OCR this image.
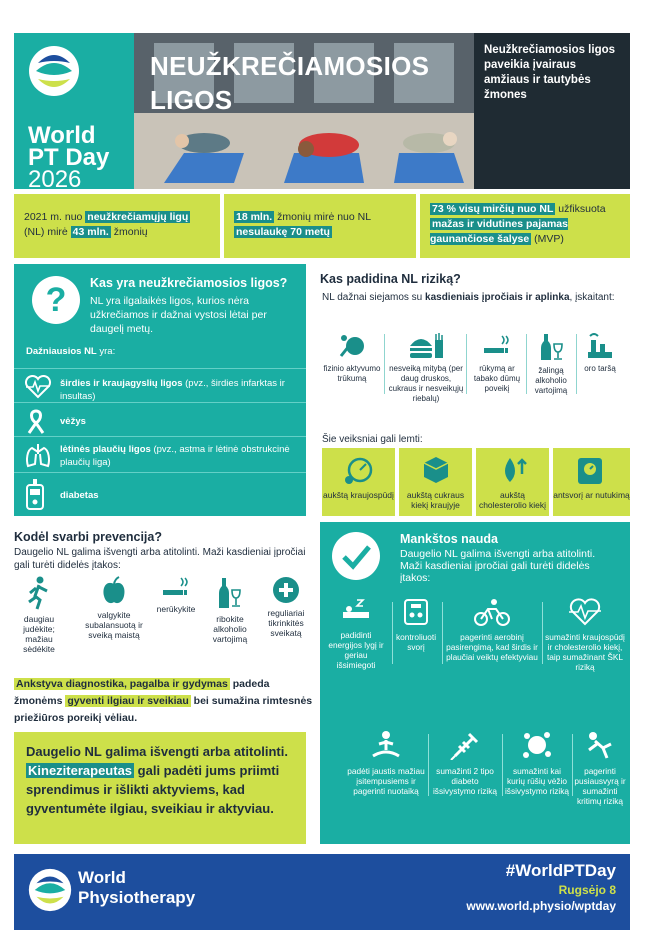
World
PT Day
2026
NEUŽKREČIAMOSIOS
LIGOS
Neužkrečiamosios ligos paveikia įvairaus amžiaus ir tautybės žmones
2021 m. nuo neužkrečiamųjų ligų (NL) mirė 43 mln. žmonių
18 mln. žmonių mirė nuo NL nesulaukę 70 metų
73 % visų mirčių nuo NL užfiksuota mažas ir vidutines pajamas gaunančiose šalyse (MVP)
?	Kas yra neužkrečiamosios ligos?
NL yra ilgalaikės ligos, kurios nėra užkrečiamos ir dažnai vystosi lėtai per daugelį metų.
Dažniausios NL yra:
širdies ir kraujagyslių ligos (pvz., širdies infarktas ir insultas)
vėžys
lėtinės plaučių ligos (pvz., astma ir lėtinė obstrukcinė plaučių liga)
diabetas
Kas padidina NL riziką?
NL dažnai siejamos su kasdieniais įpročiais ir aplinka, įskaitant:
fizinio aktyvumo trūkumą
nesveiką mitybą (per daug druskos, cukraus ir nesveikųjų riebalų)
rūkymą ar tabako dūmų poveikį
žalingą alkoholio vartojimą
oro taršą
Šie veiksniai gali lemti:
aukštą kraujospūdį	aukštą cukraus kiekį kraujyje
aukštą cholesterolio kiekį
antsvorį ar nutukimą
Kodėl svarbi prevencija?
Daugelio NL galima išvengti arba atitolinti. Maži kasdieniai įpročiai gali turėti didelės įtakos:
daugiau judėkite; mažiau sėdėkite
valgykite subalansuotą ir sveiką maistą
nerūkykite
ribokite alkoholio vartojimą
reguliariai tikrinkitės sveikatą
Ankstyva diagnostika, pagalba ir gydymas padeda žmonėms gyventi ilgiau ir sveikiau bei sumažina rimtesnės priežiūros poreikį vėliau.
Daugelio NL galima išvengti arba atitolinti. Kineziterapeutas gali padėti jums priimti sprendimus ir išlikti aktyviems, kad gyventumėte ilgiau, sveikiau ir aktyviau.
Mankštos nauda
Daugelio NL galima išvengti arba atitolinti. Maži kasdieniai įpročiai gali turėti didelės įtakos:
padidinti energijos lygį ir geriau išsimiegoti
kontroliuoti svorį
pagerinti aerobinį pasirengimą, kad širdis ir plaučiai veiktų efektyviau
sumažinti kraujospūdį ir cholesterolio kiekį, taip sumažinant ŠKL riziką
padėti jaustis mažiau įsitempusiems ir pagerinti nuotaiką
sumažinti 2 tipo diabeto išsivystymo riziką
sumažinti kai kurių rūšių vėžio išsivystymo riziką
pagerinti pusiausvyrą ir sumažinti kritimų riziką
World
Physiotherapy
#WorldPTDay
Rugsėjo 8
www.world.physio/wptday
